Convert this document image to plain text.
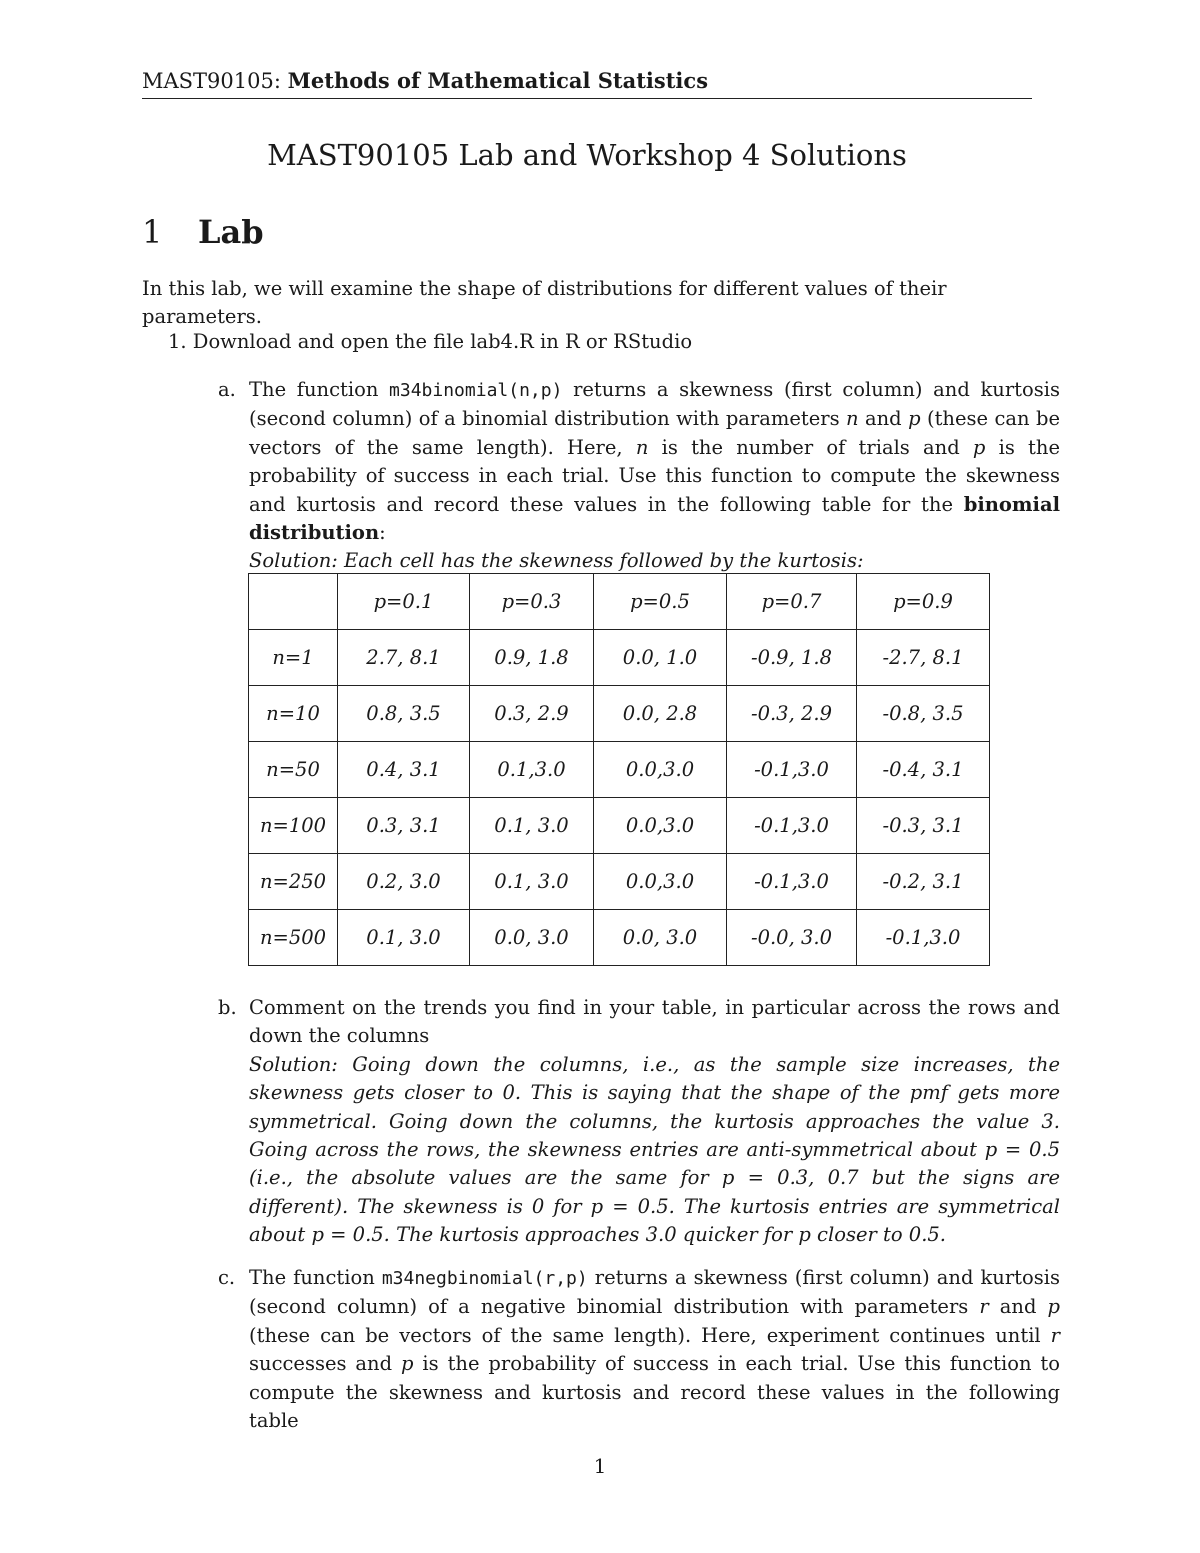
MAST90105: Methods of Mathematical Statistics
MAST90105 Lab and Workshop 4 Solutions
1 Lab
In this lab, we will examine the shape of distributions for different values of their parameters.
1. Download and open the file lab4.R in R or RStudio
a. The function m34binomial(n,p) returns a skewness (first column) and kurtosis (second column) of a binomial distribution with parameters n and p (these can be vectors of the same length). Here, n is the number of trials and p is the probability of success in each trial. Use this function to compute the skewness and kurtosis and record these values in the following table for the binomial distribution:
Solution: Each cell has the skewness followed by the kurtosis:
	p=0.1	p=0.3	p=0.5	p=0.7	p=0.9
n=1	2.7, 8.1	0.9, 1.8	0.0, 1.0	-0.9, 1.8	-2.7, 8.1
n=10	0.8, 3.5	0.3, 2.9	0.0, 2.8	-0.3, 2.9	-0.8, 3.5
n=50	0.4, 3.1	0.1,3.0	0.0,3.0	-0.1,3.0	-0.4, 3.1
n=100	0.3, 3.1	0.1, 3.0	0.0,3.0	-0.1,3.0	-0.3, 3.1
n=250	0.2, 3.0	0.1, 3.0	0.0,3.0	-0.1,3.0	-0.2, 3.1
n=500	0.1, 3.0	0.0, 3.0	0.0, 3.0	-0.0, 3.0	-0.1,3.0
b. Comment on the trends you find in your table, in particular across the rows and down the columns
Solution: Going down the columns, i.e., as the sample size increases, the skewness gets closer to 0. This is saying that the shape of the pmf gets more symmetrical. Going down the columns, the kurtosis approaches the value 3. Going across the rows, the skewness entries are anti-symmetrical about p = 0.5 (i.e., the absolute values are the same for p = 0.3, 0.7 but the signs are different). The skewness is 0 for p = 0.5. The kurtosis entries are symmetrical about p = 0.5. The kurtosis approaches 3.0 quicker for p closer to 0.5.
c. The function m34negbinomial(r,p) returns a skewness (first column) and kurtosis (second column) of a negative binomial distribution with parameters r and p (these can be vectors of the same length). Here, experiment continues until r successes and p is the probability of success in each trial. Use this function to compute the skewness and kurtosis and record these values in the following table
1
